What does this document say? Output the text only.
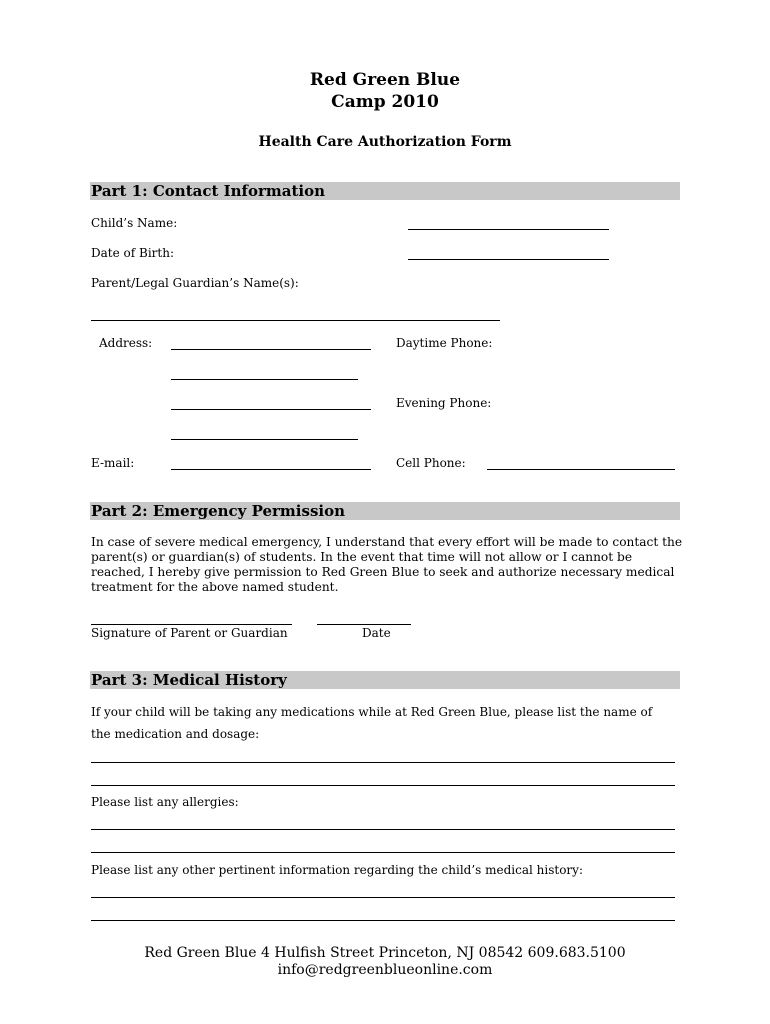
Red Green Blue
Camp 2010
Health Care Authorization Form
Part 1: Contact Information
Child’s Name:
Date of Birth:
Parent/Legal Guardian’s Name(s):
Address:	Daytime Phone:
Evening Phone:
E-mail:	Cell Phone:
Part 2: Emergency Permission
In case of severe medical emergency, I understand that every effort will be made to contact the parent(s) or guardian(s) of students. In the event that time will not allow or I cannot be reached, I hereby give permission to Red Green Blue to seek and authorize necessary medical treatment for the above named student.
Signature of Parent or Guardian	Date
Part 3: Medical History
If your child will be taking any medications while at Red Green Blue, please list the name of
the medication and dosage:
Please list any allergies:
Please list any other pertinent information regarding the child’s medical history:
Red Green Blue 4 Hulfish Street Princeton, NJ 08542 609.683.5100
info@redgreenblueonline.com
